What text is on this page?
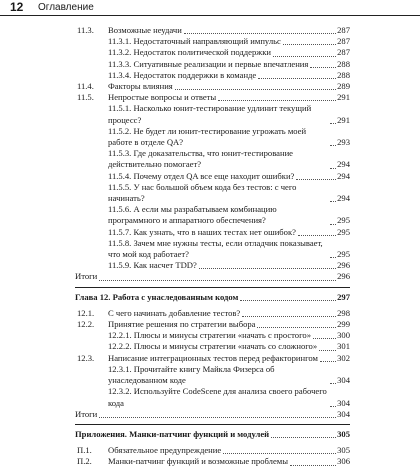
12 Оглавление
11.3.	Возможные неудачи	287
11.3.1. Недостаточный направляющий импульс	287
11.3.2. Недостаток политической поддержки	287
11.3.3. Ситуативные реализации и первые впечатления	288
11.3.4. Недостаток поддержки в команде	288
11.4.	Факторы влияния	289
11.5.	Непростые вопросы и ответы	291
11.5.1. Насколько юнит-тестирование удлинит текущий процесс?	291
11.5.2. Не будет ли юнит-тестирование угрожать моей работе в отделе QA?	293
11.5.3. Где доказательства, что юнит-тестирование действительно помогает?	294
11.5.4. Почему отдел QA все еще находит ошибки?	294
11.5.5. У нас большой объем кода без тестов: с чего начинать?	294
11.5.6. А если мы разрабатываем комбинацию программного и аппаратного обеспечения?	295
11.5.7. Как узнать, что в наших тестах нет ошибок?	295
11.5.8. Зачем мне нужны тесты, если отладчик показывает, что мой код работает?	295
11.5.9. Как насчет TDD?	296
Итоги	296
Глава 12. Работа с унаследованным кодом	297
12.1.	С чего начинать добавление тестов?	298
12.2.	Принятие решения по стратегии выбора	299
12.2.1. Плюсы и минусы стратегии «начать с простого»	300
12.2.2. Плюсы и минусы стратегии «начать со сложного» 301
12.3.	Написание интеграционных тестов перед рефакторингом 302
12.3.1. Прочитайте книгу Майкла Физерса об унаследованном коде	304
12.3.2. Используйте CodeScene для анализа своего рабочего кода	304
Итоги	304
Приложения. Манки-патчинг функций и модулей	305
П.1.	Обязательное предупреждение	305
П.2.	Манки-патчинг функций и возможные проблемы	306
